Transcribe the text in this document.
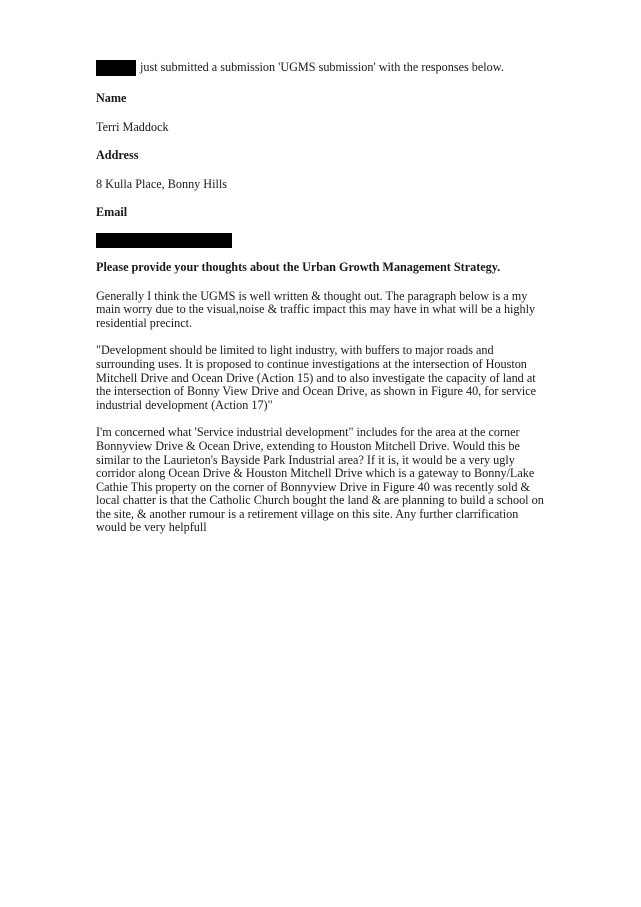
just submitted a submission 'UGMS submission' with the responses below.
Name
Terri Maddock
Address
8 Kulla Place, Bonny Hills
Email
Please provide your thoughts about the Urban Growth Management Strategy.

Generally I think the UGMS is well written & thought out. The paragraph below is a my main worry due to the visual,noise & traffic impact this may have in what will be a highly residential precinct.

"Development should be limited to light industry, with buffers to major roads and surrounding uses. It is proposed to continue investigations at the intersection of Houston Mitchell Drive and Ocean Drive (Action 15) and to also investigate the capacity of land at the intersection of Bonny View Drive and Ocean Drive, as shown in Figure 40, for service industrial development (Action 17)"

I'm concerned what 'Service industrial development" includes for the area at the corner Bonnyview Drive & Ocean Drive, extending to Houston Mitchell Drive. Would this be similar to the Laurieton's Bayside Park Industrial area? If it is, it would be a very ugly corridor along Ocean Drive & Houston Mitchell Drive which is a gateway to Bonny/Lake Cathie This property on the corner of Bonnyview Drive in Figure 40 was recently sold & local chatter is that the Catholic Church bought the land & are planning to build a school on the site, & another rumour is a retirement village on this site. Any further clarrification would be very helpfull
